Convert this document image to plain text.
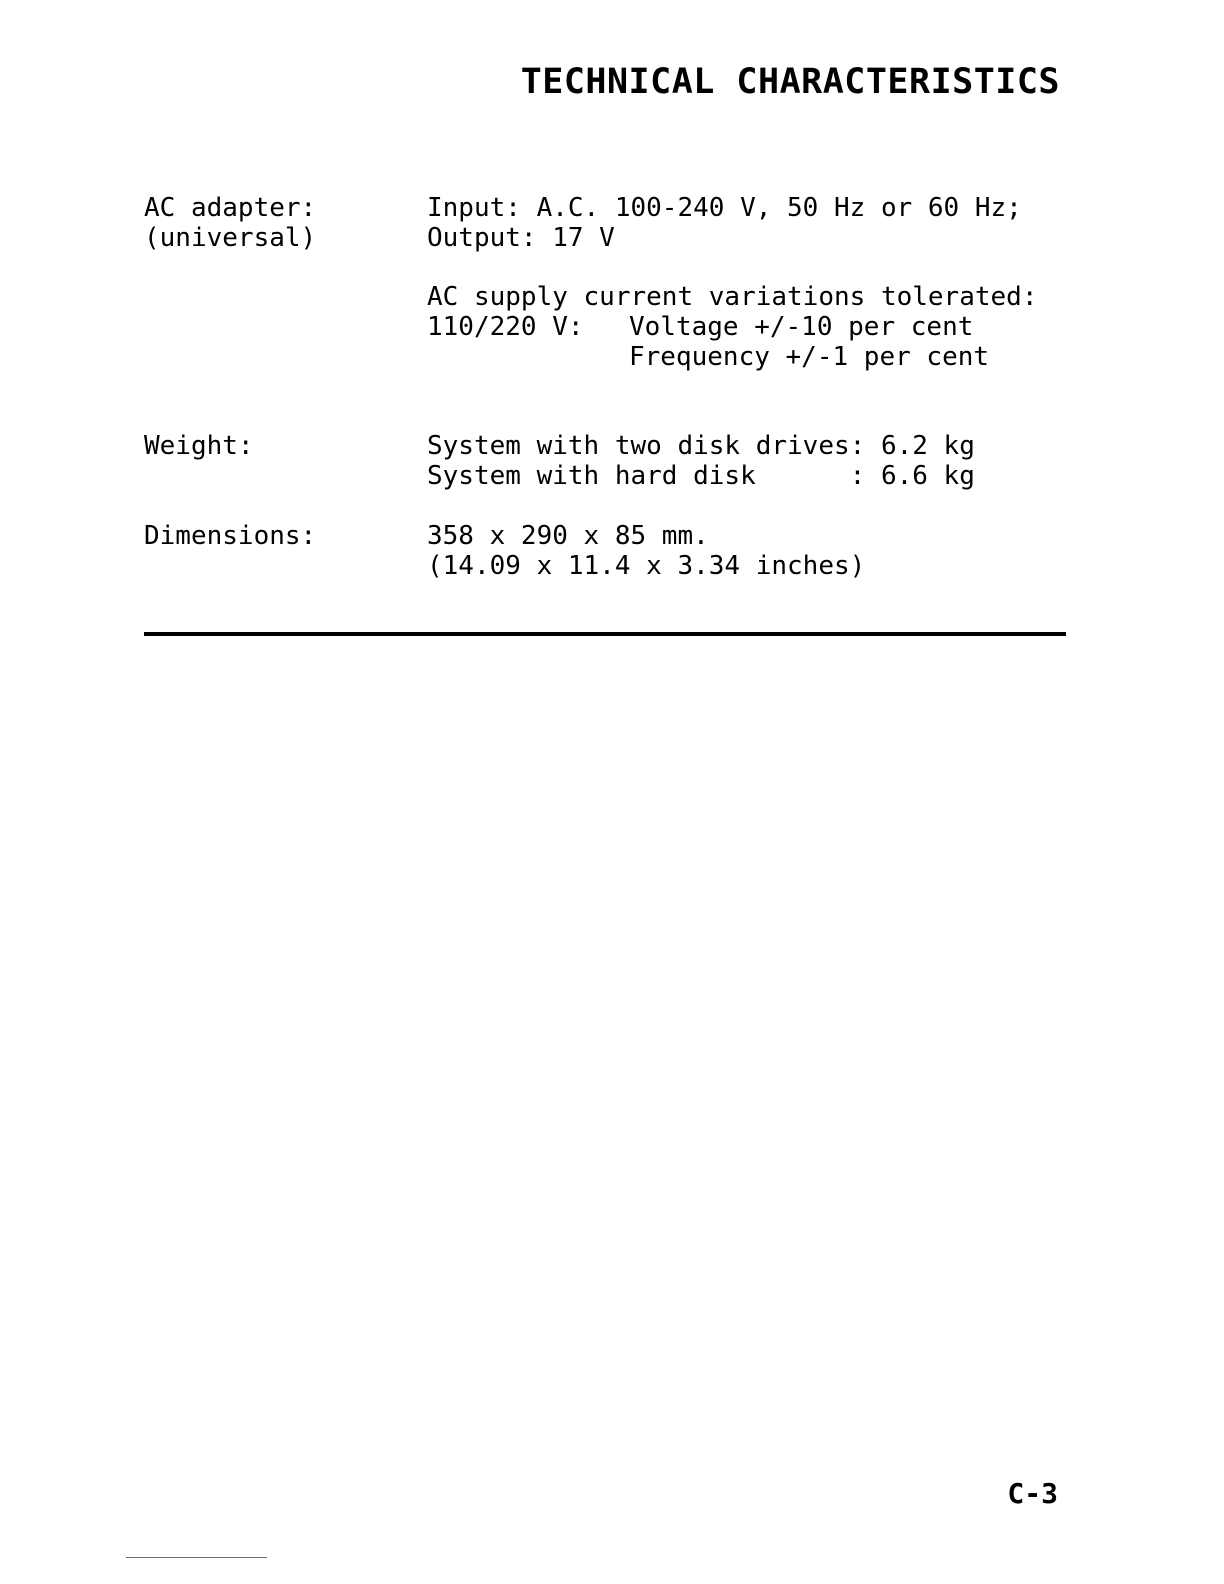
TECHNICAL CHARACTERISTICS
AC adapter:
(universal)
Input: A.C. 100-240 V, 50 Hz or 60 Hz;
Output: 17 V
AC supply current variations tolerated:
110/220 V: Voltage +/-10 per cent
Frequency +/-1 per cent
Weight:	System with two disk drives: 6.2 kg
System with hard disk      : 6.6 kg
Dimensions:	358 x 290 x 85 mm.
(14.09 x 11.4 x 3.34 inches)
C-3
